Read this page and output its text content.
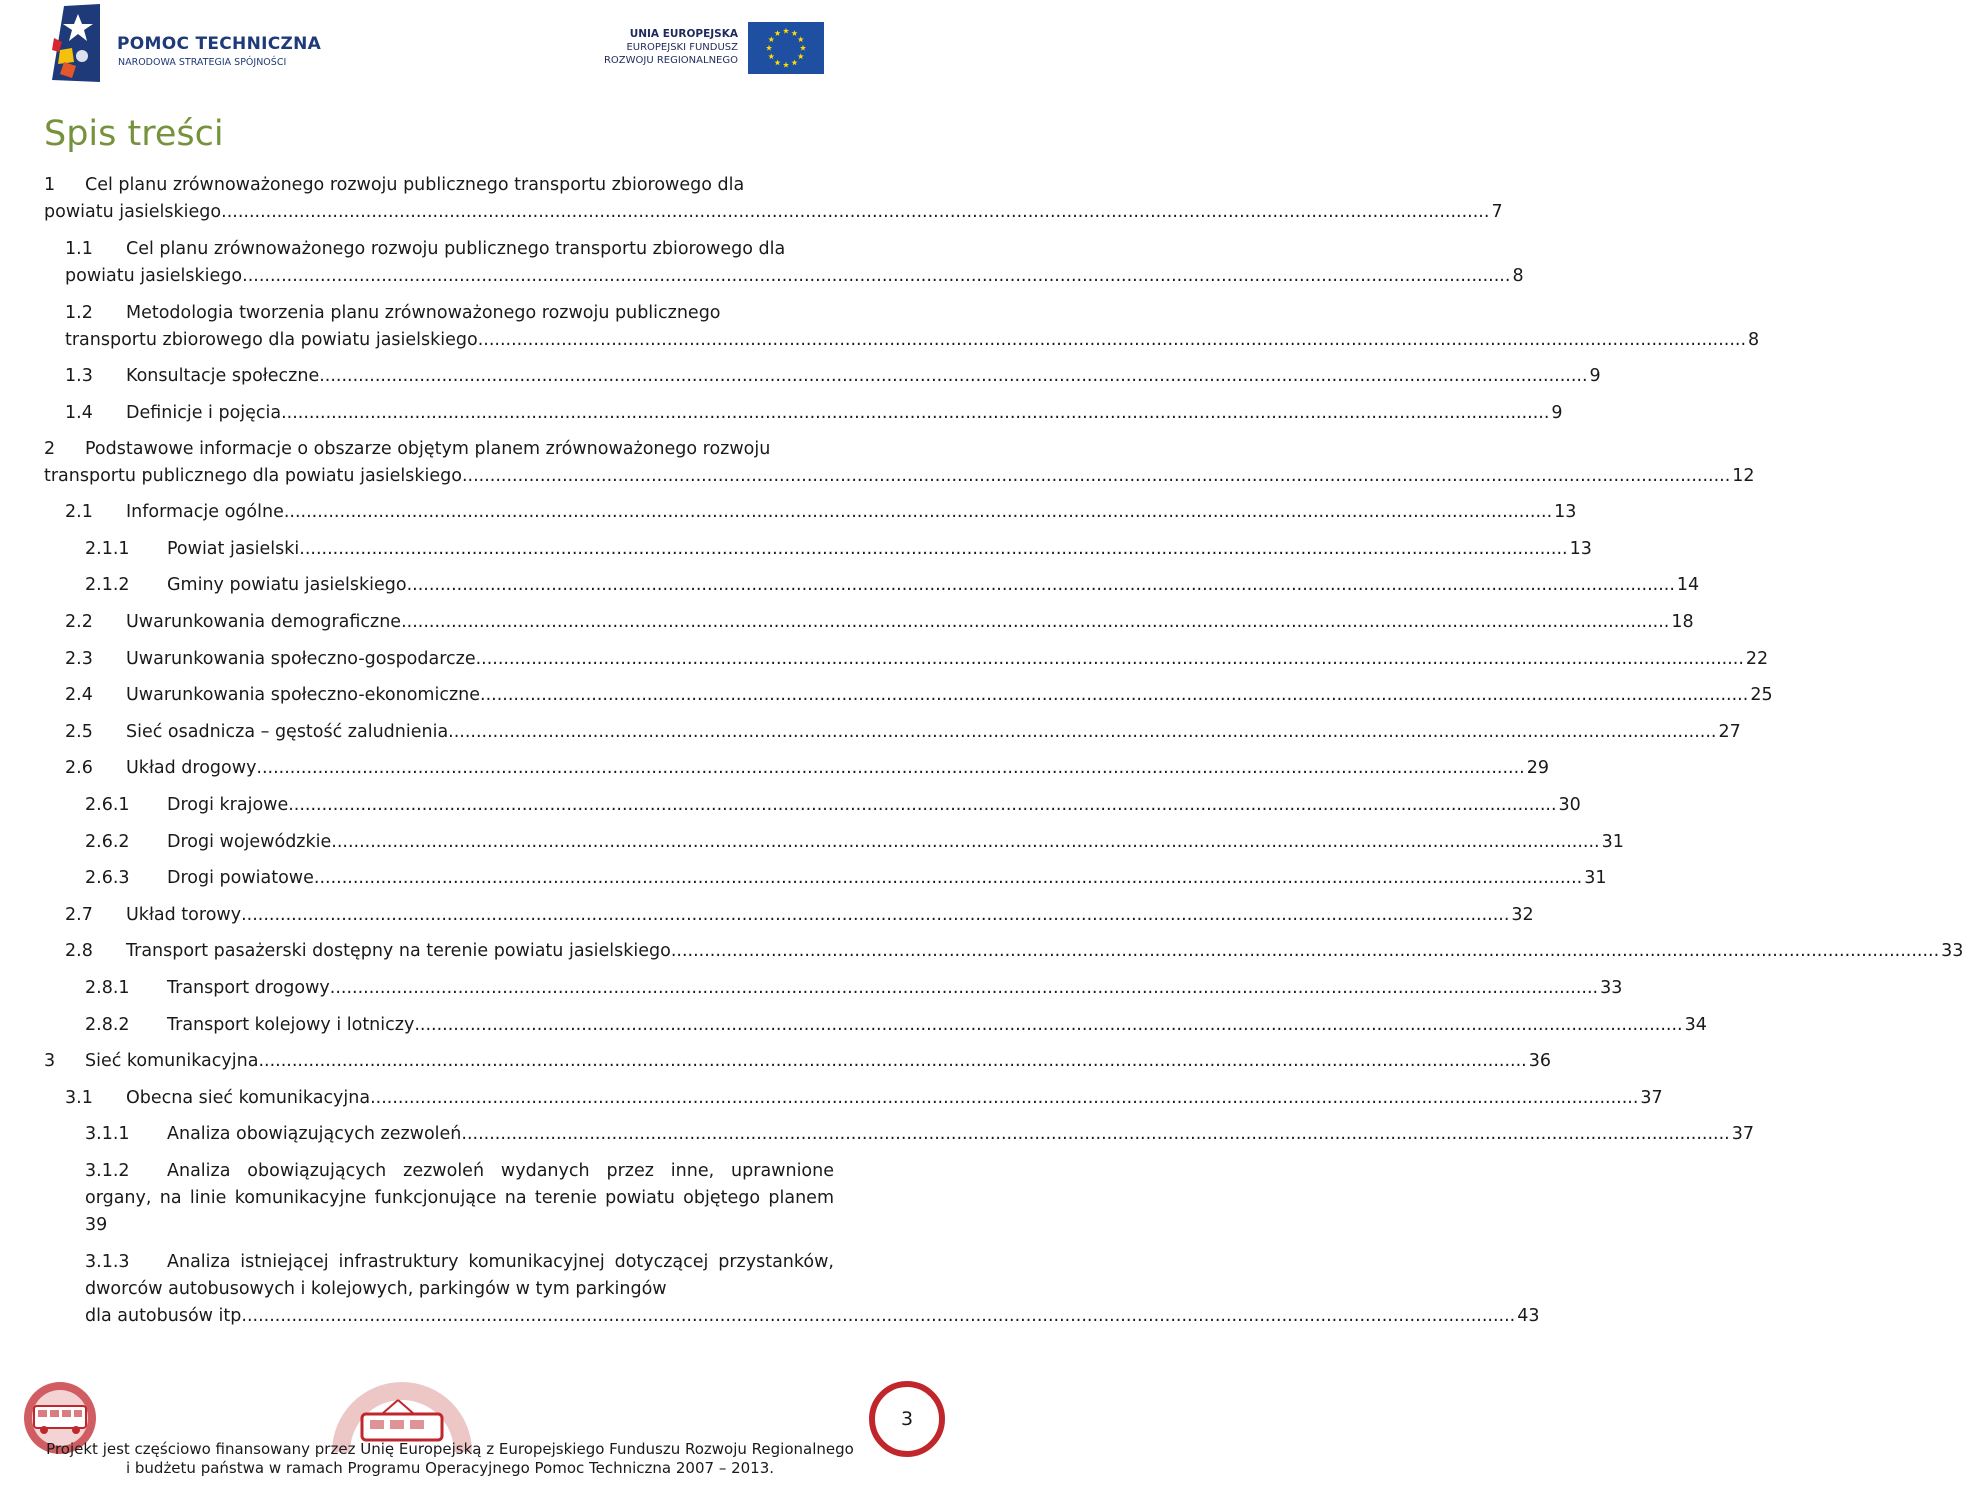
POMOC TECHNICZNA
NARODOWA STRATEGIA SPÓJNOŚCI
UNIA EUROPEJSKA
EUROPEJSKI FUNDUSZ
ROZWOJU REGIONALNEGO
Spis treści
1 Cel planu zrównoważonego rozwoju publicznego transportu zbiorowego dla
powiatu jasielskiego .....	7
1.1 Cel planu zrównoważonego rozwoju publicznego transportu zbiorowego dla
powiatu jasielskiego .....	8
1.2 Metodologia tworzenia planu zrównoważonego rozwoju publicznego
transportu zbiorowego dla powiatu jasielskiego .....	8
1.3	Konsultacje społeczne .....	9
1.4	Definicje i pojęcia .....	9
2 Podstawowe informacje o obszarze objętym planem zrównoważonego rozwoju
transportu publicznego dla powiatu jasielskiego .....	12
2.1	Informacje ogólne .....	13
2.1.1	Powiat jasielski .....	13
2.1.2	Gminy powiatu jasielskiego .....	14
2.2	Uwarunkowania demograficzne .....	18
2.3	Uwarunkowania społeczno-gospodarcze .....	22
2.4	Uwarunkowania społeczno-ekonomiczne .....	25
2.5	Sieć osadnicza – gęstość zaludnienia .....	27
2.6	Układ drogowy .....	29
2.6.1	Drogi krajowe .....	30
2.6.2	Drogi wojewódzkie .....	31
2.6.3	Drogi powiatowe .....	31
2.7	Układ torowy .....	32
2.8	Transport pasażerski dostępny na terenie powiatu jasielskiego .....	33
2.8.1	Transport drogowy .....	33
2.8.2	Transport kolejowy i lotniczy .....	34
3	Sieć komunikacyjna .....	36
3.1	Obecna sieć komunikacyjna .....	37
3.1.1	Analiza obowiązujących zezwoleń .....	37
3.1.2 Analiza obowiązujących zezwoleń wydanych przez inne, uprawnione organy, na linie komunikacyjne funkcjonujące na terenie powiatu objętego planem 39
3.1.3 Analiza istniejącej infrastruktury komunikacyjnej dotyczącej przystanków, dworców autobusowych i kolejowych, parkingów w tym parkingów
dla autobusów itp. .....	43
3
Projekt jest częściowo finansowany przez Unię Europejską z Europejskiego Funduszu Rozwoju Regionalnego
i budżetu państwa w ramach Programu Operacyjnego Pomoc Techniczna 2007 – 2013.
